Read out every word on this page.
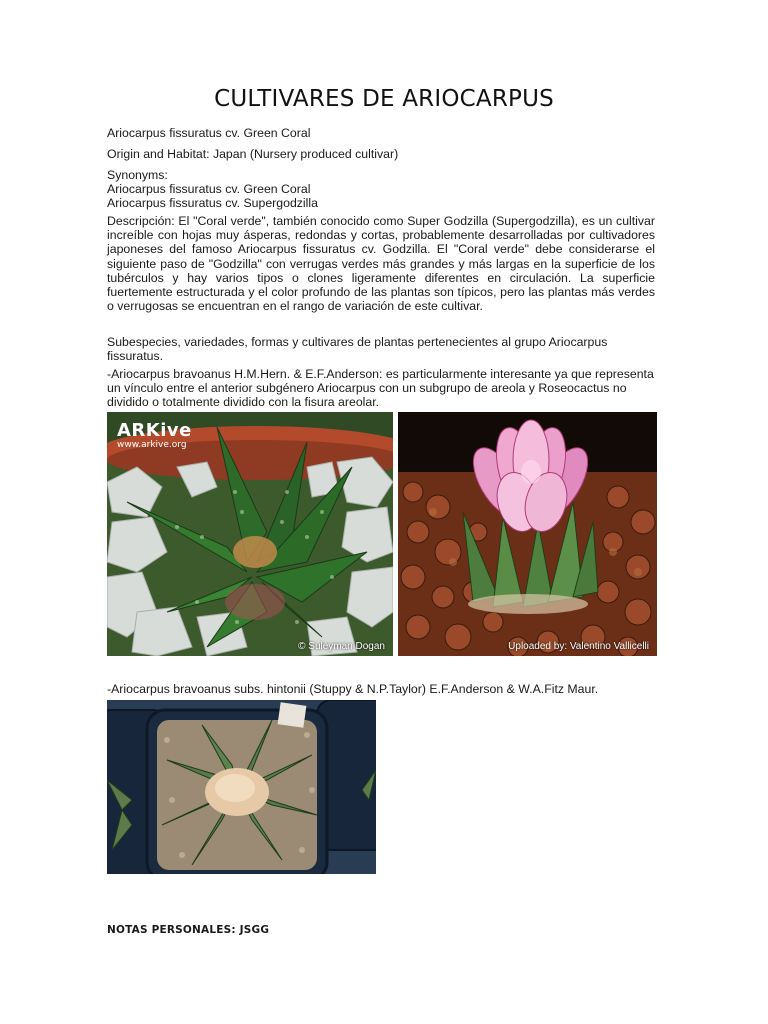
CULTIVARES DE ARIOCARPUS
Ariocarpus fissuratus cv. Green Coral
Origin and Habitat: Japan (Nursery produced cultivar)

Synonyms:

Ariocarpus fissuratus cv. Green Coral

Ariocarpus fissuratus cv. Supergodzilla

Descripción: El "Coral verde", también conocido como Super Godzilla (Supergodzilla), es un cultivar increíble con hojas muy ásperas, redondas y cortas, probablemente desarrolladas por cultivadores japoneses del famoso Ariocarpus fissuratus cv. Godzilla. El "Coral verde" debe considerarse el siguiente paso de "Godzilla" con verrugas verdes más grandes y más largas en la superficie de los tubérculos y hay varios tipos o clones ligeramente diferentes en circulación. La superficie fuertemente estructurada y el color profundo de las plantas son típicos, pero las plantas más verdes o verrugosas se encuentran en el rango de variación de este cultivar.
Subespecies, variedades, formas y cultivares de plantas pertenecientes al grupo Ariocarpus fissuratus.
-Ariocarpus bravoanus H.M.Hern. & E.F.Anderson: es particularmente interesante ya que representa un vínculo entre el anterior subgénero Ariocarpus con un subgrupo de areola y Roseocactus no dividido o totalmente dividido con la fisura areolar.
ARKive
www.arkive.org
© Suleyman Dogan	Uploaded by: Valentino Vallicelli
-Ariocarpus bravoanus subs. hintonii (Stuppy & N.P.Taylor) E.F.Anderson & W.A.Fitz Maur.
NOTAS PERSONALES: JSGG
